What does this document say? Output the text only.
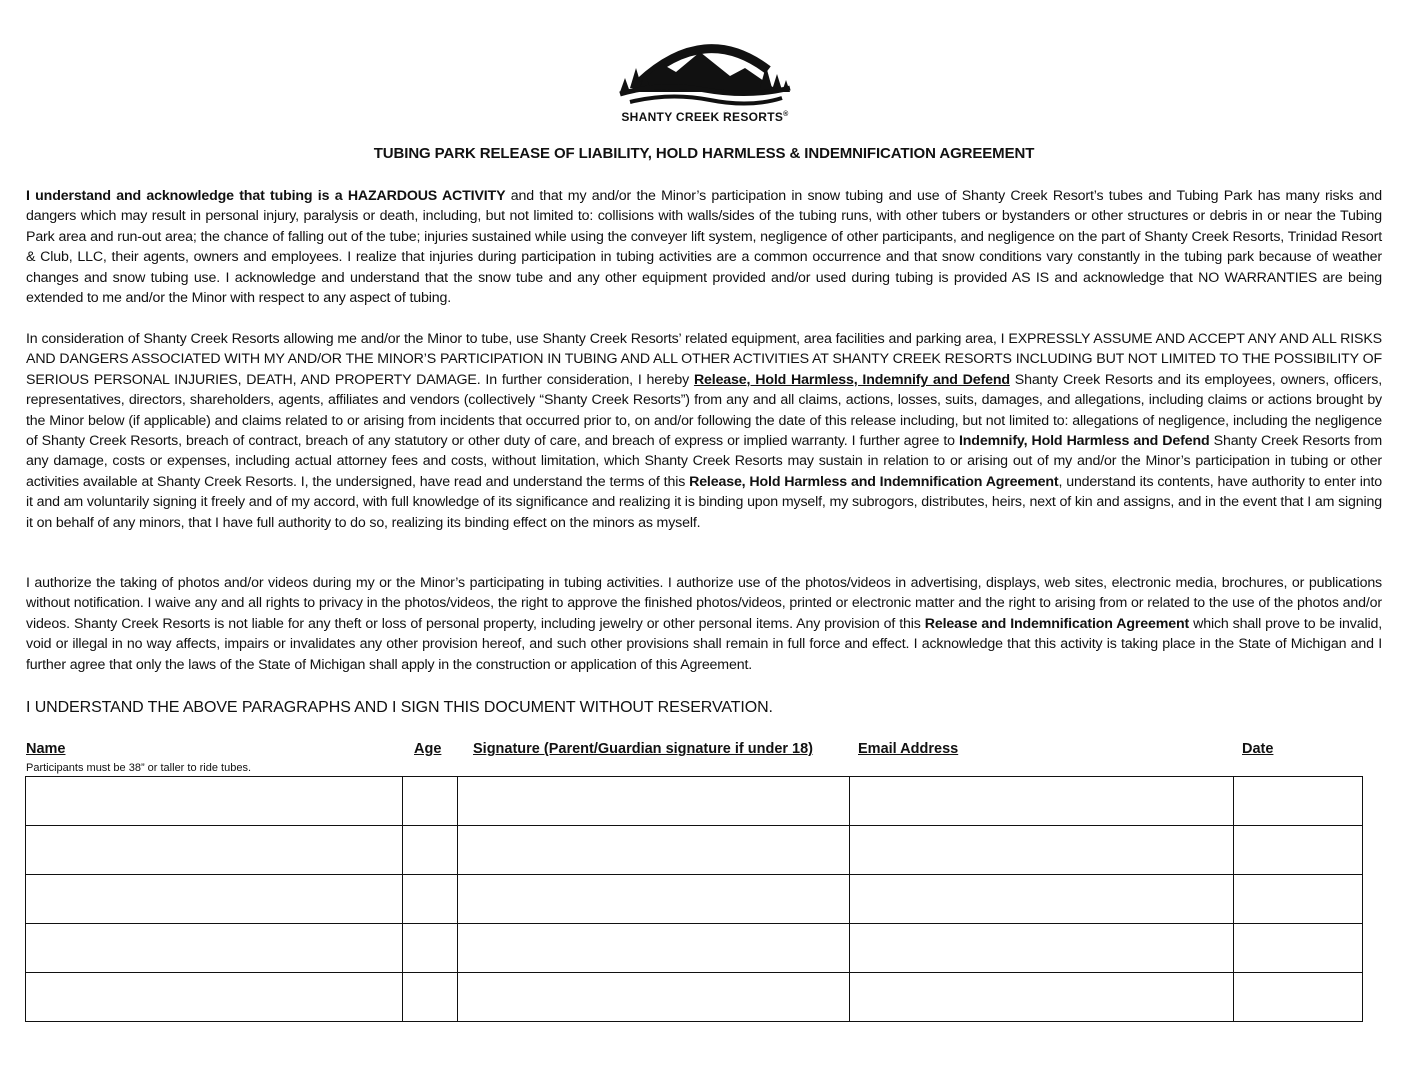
SHANTY CREEK RESORTS®
TUBING PARK RELEASE OF LIABILITY, HOLD HARMLESS & INDEMNIFICATION AGREEMENT

I understand and acknowledge that tubing is a HAZARDOUS ACTIVITY and that my and/or the Minor’s participation in snow tubing and use of Shanty Creek Resort’s tubes and Tubing Park has many risks and dangers which may result in personal injury, paralysis or death, including, but not limited to: collisions with walls/sides of the tubing runs, with other tubers or bystanders or other structures or debris in or near the Tubing Park area and run-out area; the chance of falling out of the tube; injuries sustained while using the conveyer lift system, negligence of other participants, and negligence on the part of Shanty Creek Resorts, Trinidad Resort & Club, LLC, their agents, owners and employees. I realize that injuries during participation in tubing activities are a common occurrence and that snow conditions vary constantly in the tubing park because of weather changes and snow tubing use. I acknowledge and understand that the snow tube and any other equipment provided and/or used during tubing is provided AS IS and acknowledge that NO WARRANTIES are being extended to me and/or the Minor with respect to any aspect of tubing.

In consideration of Shanty Creek Resorts allowing me and/or the Minor to tube, use Shanty Creek Resorts’ related equipment, area facilities and parking area, I EXPRESSLY ASSUME AND ACCEPT ANY AND ALL RISKS AND DANGERS ASSOCIATED WITH MY AND/OR THE MINOR’S PARTICIPATION IN TUBING AND ALL OTHER ACTIVITIES AT SHANTY CREEK RESORTS INCLUDING BUT NOT LIMITED TO THE POSSIBILITY OF SERIOUS PERSONAL INJURIES, DEATH, AND PROPERTY DAMAGE. In further consideration, I hereby Release, Hold Harmless, Indemnify and Defend Shanty Creek Resorts and its employees, owners, officers, representatives, directors, shareholders, agents, affiliates and vendors (collectively “Shanty Creek Resorts”) from any and all claims, actions, losses, suits, damages, and allegations, including claims or actions brought by the Minor below (if applicable) and claims related to or arising from incidents that occurred prior to, on and/or following the date of this release including, but not limited to: allegations of negligence, including the negligence of Shanty Creek Resorts, breach of contract, breach of any statutory or other duty of care, and breach of express or implied warranty. I further agree to Indemnify, Hold Harmless and Defend Shanty Creek Resorts from any damage, costs or expenses, including actual attorney fees and costs, without limitation, which Shanty Creek Resorts may sustain in relation to or arising out of my and/or the Minor’s participation in tubing or other activities available at Shanty Creek Resorts. I, the undersigned, have read and understand the terms of this Release, Hold Harmless and Indemnification Agreement, understand its contents, have authority to enter into it and am voluntarily signing it freely and of my accord, with full knowledge of its significance and realizing it is binding upon myself, my subrogors, distributes, heirs, next of kin and assigns, and in the event that I am signing it on behalf of any minors, that I have full authority to do so, realizing its binding effect on the minors as myself.

I authorize the taking of photos and/or videos during my or the Minor’s participating in tubing activities. I authorize use of the photos/videos in advertising, displays, web sites, electronic media, brochures, or publications without notification. I waive any and all rights to privacy in the photos/videos, the right to approve the finished photos/videos, printed or electronic matter and the right to arising from or related to the use of the photos and/or videos. Shanty Creek Resorts is not liable for any theft or loss of personal property, including jewelry or other personal items. Any provision of this Release and Indemnification Agreement which shall prove to be invalid, void or illegal in no way affects, impairs or invalidates any other provision hereof, and such other provisions shall remain in full force and effect. I acknowledge that this activity is taking place in the State of Michigan and I further agree that only the laws of the State of Michigan shall apply in the construction or application of this Agreement.

I UNDERSTAND THE ABOVE PARAGRAPHS AND I SIGN THIS DOCUMENT WITHOUT RESERVATION.
Name	Age Signature (Parent/Guardian signature if under 18)	Email Address	Date
Participants must be 38” or taller to ride tubes.
